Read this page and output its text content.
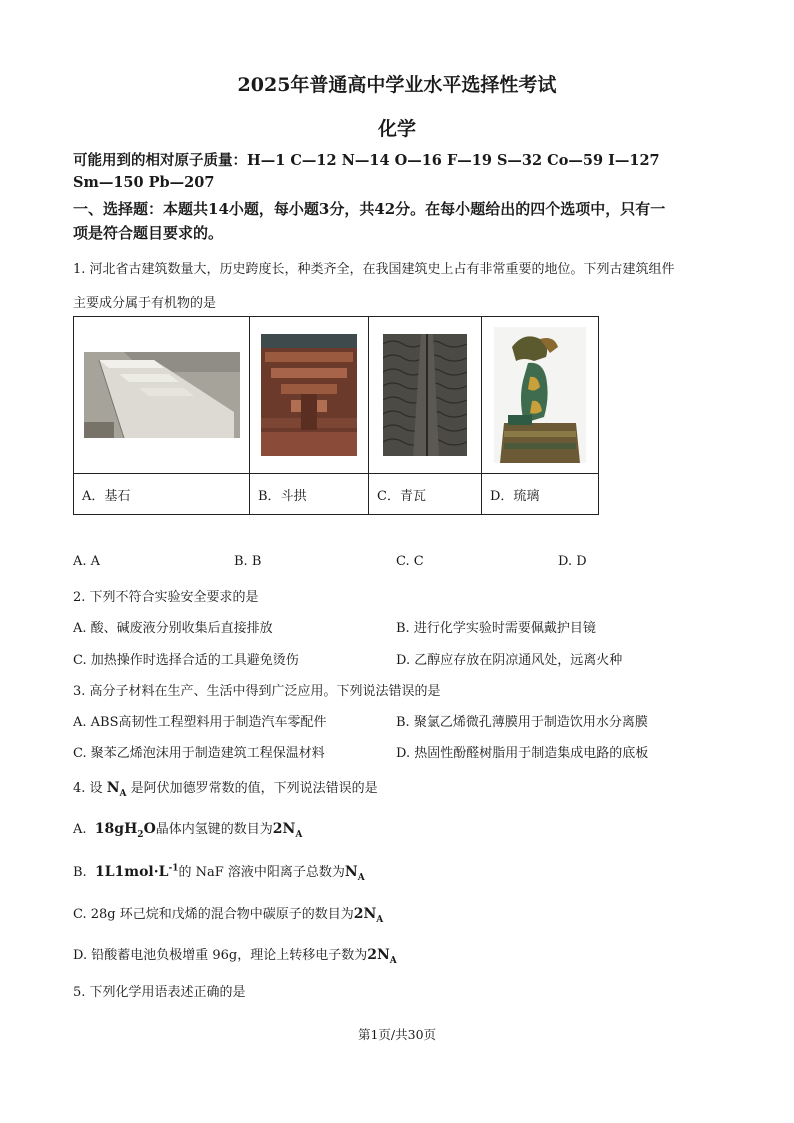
2025年普通高中学业水平选择性考试
化学
可能用到的相对原子质量：H—1 C—12 N—14 O—16 F—19 S—32 Co—59 I—127
Sm—150 Pb—207
一、选择题：本题共14小题，每小题3分，共42分。在每小题给出的四个选项中，只有一
项是符合题目要求的。
1. 河北省古建筑数量大，历史跨度长，种类齐全，在我国建筑史上占有非常重要的地位。下列古建筑组件
主要成分属于有机物的是

A．基石	B．斗拱	C．青瓦	D．琉璃
A. A	B. B	C. C	D. D
2. 下列不符合实验安全要求的是
A. 酸、碱废液分别收集后直接排放	B. 进行化学实验时需要佩戴护目镜
C. 加热操作时选择合适的工具避免烫伤	D. 乙醇应存放在阴凉通风处，远离火种
3. 高分子材料在生产、生活中得到广泛应用。下列说法错误的是
A. ABS高韧性工程塑料用于制造汽车零配件	B. 聚氯乙烯微孔薄膜用于制造饮用水分离膜
C. 聚苯乙烯泡沫用于制造建筑工程保温材料	D. 热固性酚醛树脂用于制造集成电路的底板
4. 设 $N_A$ 是阿伏加德罗常数的值，下列说法错误的是
A. $18gH_2O$晶体内氢键的数目为$2N_A$
B. $1L1mol\cdot L^{-1}$的 NaF 溶液中阳离子总数为$N_A$
C. 28g 环己烷和戊烯的混合物中碳原子的数目为$2N_A$
D. 铅酸蓄电池负极增重 96g，理论上转移电子数为$2N_A$
5. 下列化学用语表述正确的是
第1页/共30页
